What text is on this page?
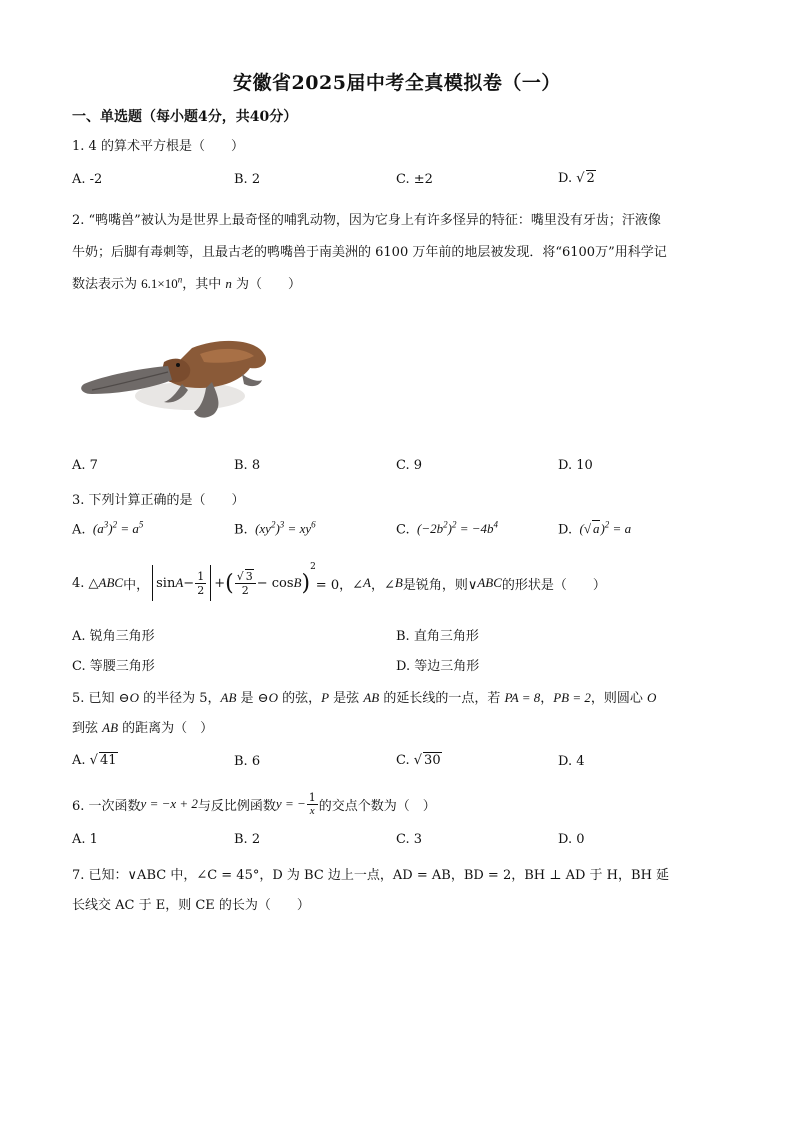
安徽省2025届中考全真模拟卷（一）
一、单选题（每小题4分，共40分）
1. 4 的算术平方根是（　　）
A. -2	B. 2	C. ±2	D. √ 2
2. “鸭嘴兽”被认为是世界上最奇怪的哺乳动物，因为它身上有许多怪异的特征：嘴里没有牙齿；汗液像
牛奶；后脚有毒刺等，且最古老的鸭嘴兽于南美洲的 6100 万年前的地层被发现．将“6100万”用科学记
数法表示为 $6.1\times 10^n$，其中 n 为（　　）
A. 7	B. 8	C. 9	D. 10
3. 下列计算正确的是（　　）
A.  $(a^3)^2 = a^5$	B.  $(xy^2)^3 = xy^6$	C.  $(-2b^2)^2 = -4b^4$	D.  (√ a)$^2$ = a
4. △ ABC 中， $\sin A - \frac{1}{2}$ + ( $\frac{√ 3}{2} - \cos B$ )
2
= 0，∠ A ，∠ B 是锐角，则∨ ABC 的形状是（　　）
A. 锐角三角形	B. 直角三角形
C. 等腰三角形	D. 等边三角形
5. 已知 ⊖O 的半径为 5，AB 是 ⊖O 的弦，P 是弦 AB 的延长线的一点，若 PA = 8，PB = 2，则圆心 O
到弦 AB 的距离为（　）
A. √ 41	B. 6	C. √ 30	D. 4
6. 一次函数 y = −x + 2 与反比例函数 y = − $\frac{1}{x}$ 的交点个数为（　）
A. 1	B. 2	C. 3	D. 0
7. 已知：∨ABC 中，∠C = 45°，D 为 BC 边上一点，AD = AB，BD = 2，BH ⊥ AD 于 H，BH 延
长线交 AC 于 E，则 CE 的长为（　　）
